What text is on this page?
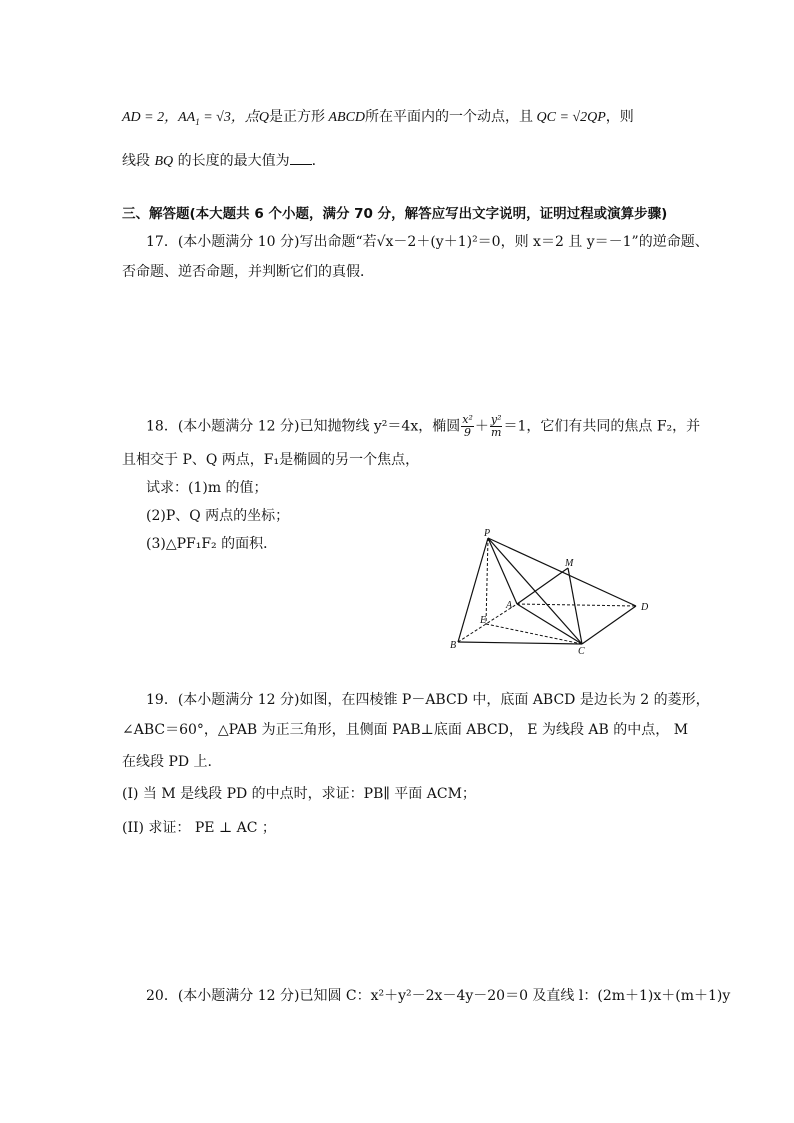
AD = 2，$AA_1 = √3$，点Q是正方形 ABCD所在平面内的一个动点，且 QC = √2QP，则
线段 BQ 的长度的最大值为 .
三、解答题(本大题共 6 个小题，满分 70 分，解答应写出文字说明，证明过程或演算步骤)
17．(本小题满分 10 分)写出命题“若√x－2＋(y＋1)²＝0，则 x＝2 且 y＝－1”的逆命题、
否命题、逆否命题，并判断它们的真假．
18．(本小题满分 12 分)已知抛物线 y²＝4x，椭圆 $\frac{\text{x²}}{9} + \frac{\text{y²}}{m} =1$，它们有共同的焦点 F₂，并
且相交于 P、Q 两点，F₁是椭圆的另一个焦点，
试求：(1)m 的值；
(2)P、Q 两点的坐标；
(3)△PF₁F₂ 的面积．
P
M
A	D
E
B
C
19．(本小题满分 12 分)如图，在四棱锥 P－ABCD 中，底面 ABCD 是边长为 2 的菱形，
∠ABC＝60°，△PAB 为正三角形，且侧面 PAB⊥底面 ABCD， E 为线段 AB 的中点， M
在线段 PD 上.
(I) 当 M 是线段 PD 的中点时，求证：PB∥ 平面 ACM；
(II) 求证： PE ⊥ AC ；
20．(本小题满分 12 分)已知圆 C：x²＋y²－2x－4y－20＝0 及直线 l：(2m＋1)x＋(m＋1)y
